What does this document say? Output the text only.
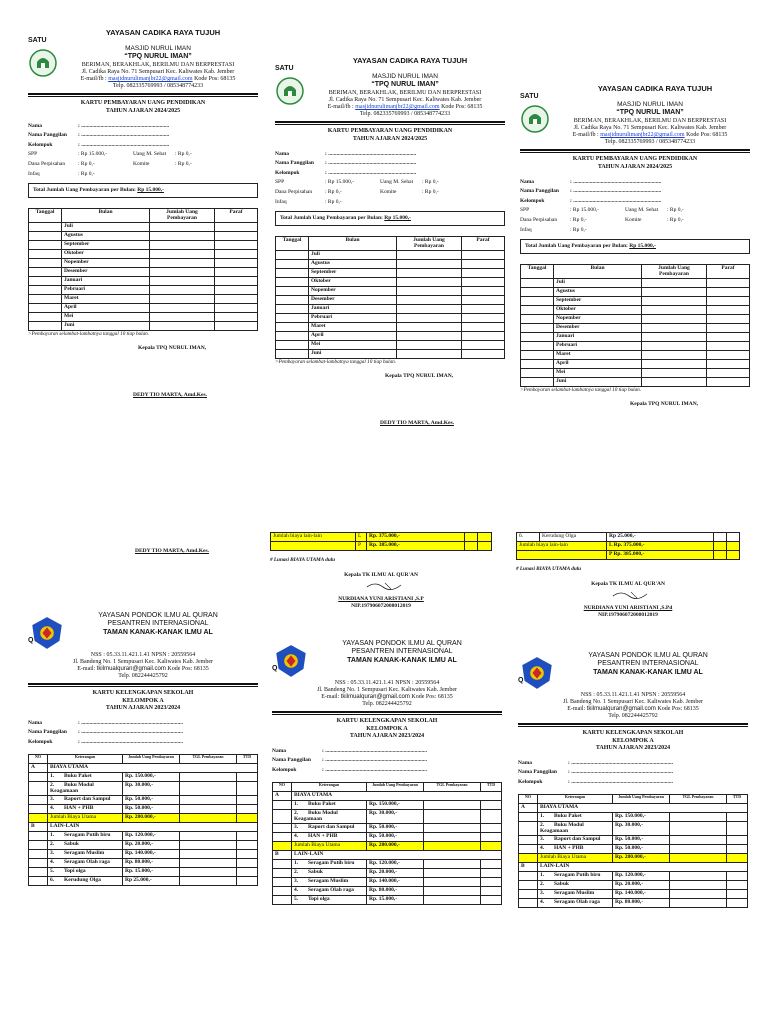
YAYASAN CADIKA RAYA TUJUH
SATU
MASJID NURUL IMAN
“TPQ NURUL IMAN”
BERIMAN, BERAKHLAK, BERILMU DAN BERPRESTASI
Jl. Cadika Raya No. 71 Sempusari Kec. Kaliwates Kab. Jember
E-mail/fb : masjidnurulimanjbr22@gmail.com Kode Pos: 68135
Telp. 082335769993 / 085348774233
KARTU PEMBAYARAN UANG PENDIDIKAN
TAHUN AJARAN 2024/2025
Nama	: ................................................................
Nama Panggilan	: ................................................................
Kelompok	: ................................................................
SPP	: Rp 15.000,-	Uang M. Sehat	: Rp 0,-
Dana Perpisahan	: Rp 0,-	Komite	: Rp 0,-
Infaq	: Rp 0,-
Total Jumlah Uang Pembayaran per Bulan: Rp 15.000,-
Tanggal	Bulan	Jumlah Uang Pembayaran	Paraf
	Juli		
	Agustus		
	September		
	Oktober		
	Nopember		
	Desember		
	Januari		
	Pebruari		
	Maret		
	April		
	Mei		
	Juni		
>Pembayaran selambat-lambatnya tanggal 10 tiap bulan.
Kepala TPQ NURUL IMAN,
DEDY TIO MARTA, Amd.Kes.
YAYASAN CADIKA RAYA TUJUH
SATU
MASJID NURUL IMAN
“TPQ NURUL IMAN”
BERIMAN, BERAKHLAK, BERILMU DAN BERPRESTASI
Jl. Cadika Raya No. 71 Sempusari Kec. Kaliwates Kab. Jember
E-mail/fb : masjidnurulimanjbr22@gmail.com Kode Pos: 68135
Telp. 082335769993 / 085348774233
KARTU PEMBAYARAN UANG PENDIDIKAN
TAHUN AJARAN 2024/2025
Nama	: ................................................................
Nama Panggilan	: ................................................................
Kelompok	: ................................................................
SPP	: Rp 15.000,-	Uang M. Sehat	: Rp 0,-
Dana Perpisahan	: Rp 0,-	Komite	: Rp 0,-
Infaq	: Rp 0,-
Total Jumlah Uang Pembayaran per Bulan: Rp 15.000,-
Tanggal	Bulan	Jumlah Uang Pembayaran	Paraf
	Juli		
	Agustus		
	September		
	Oktober		
	Nopember		
	Desember		
	Januari		
	Pebruari		
	Maret		
	April		
	Mei		
	Juni		
>Pembayaran selambat-lambatnya tanggal 10 tiap bulan.
Kepala TPQ NURUL IMAN,
DEDY TIO MARTA, Amd.Kes.
YAYASAN CADIKA RAYA TUJUH
SATU
MASJID NURUL IMAN
“TPQ NURUL IMAN”
BERIMAN, BERAKHLAK, BERILMU DAN BERPRESTASI
Jl. Cadika Raya No. 71 Sempusari Kec. Kaliwates Kab. Jember
E-mail/fb : masjidnurulimanjbr22@gmail.com Kode Pos: 68135
Telp. 082335769993 / 085348774233
KARTU PEMBAYARAN UANG PENDIDIKAN
TAHUN AJARAN 2024/2025
Nama	: ................................................................
Nama Panggilan	: ................................................................
Kelompok	: ................................................................
SPP	: Rp 15.000,-	Uang M. Sehat	: Rp 0,-
Dana Perpisahan	: Rp 0,-	Komite	: Rp 0,-
Infaq	: Rp 0,-
Total Jumlah Uang Pembayaran per Bulan: Rp 15.000,-
Tanggal	Bulan	Jumlah Uang Pembayaran	Paraf
	Juli		
	Agustus		
	September		
	Oktober		
	Nopember		
	Desember		
	Januari		
	Pebruari		
	Maret		
	April		
	Mei		
	Juni		
>Pembayaran selambat-lambatnya tanggal 10 tiap bulan.
Kepala TPQ NURUL IMAN,
DEDY TIO MARTA, Amd.Kes.
Jumlah biaya lain-lain	L	Rp. 375.000,-		
	P	Rp. 385.000,-		
# Lunasi BIAYA UTAMA dulu
Kepala TK ILMU AL QUR'AN
NURDIANA YUNI ARISTIANI ,S.P
NIP.197906072008012019
6.	Kerudung Olga	Rp 25.000,-		
Jumlah biaya lain-lain		L Rp. 375.000,-		
		P Rp. 385.000,-		
# Lunasi BIAYA UTAMA dulu
Kepala TK ILMU AL QUR'AN
NURDIANA YUNI ARISTIANI ,S.Pd
NIP.197906072008012019
YAYASAN PONDOK ILMU AL QURAN
PESANTREN INTERNASIONAL
TAMAN KANAK-KANAK ILMU AL
Q
NSS : 05.33.11.421.1.41 NPSN : 20559564
Jl. Bandeng No. 1 Sempusari Kec. Kaliwates Kab. Jember
E-mail: tkilmualquran@gmail.com Kode Pos: 68135
Telp. 082244425792
KARTU KELENGKAPAN SEKOLAH
KELOMPOK A
TAHUN AJARAN 2023/2024
Nama	: ..........................................................................
Nama Panggilan	: ..........................................................................
Kelompok	: ..........................................................................
NO	Keterangan	Jumlah Uang Pembayaran	TGL Pembayaran	TTD
A	BIAYA UTAMA			
	1. Buku Paket	Rp. 150.000,-		
	2. Buku Modul Keagamaan	Rp. 30.000,-		
	3. Raport dan Sampul	Rp. 50.000,-		
	4. HAN + PHB	Rp. 50.000,-		
	Jumlah Biaya Utama	Rp. 280.000,-		
B	LAIN-LAIN			
	1. Seragam Putih biru	Rp. 120.000,-		
	2. Sabuk	Rp. 20.000,-		
	3. Seragam Muslim	Rp. 140.000,-		
	4. Seragam Olah raga	Rp. 80.000,-		
	5. Topi olga	Rp. 15.000,-		
	6. Kerudung Olga	Rp 25.000,-		
YAYASAN PONDOK ILMU AL QURAN
PESANTREN INTERNASIONAL
TAMAN KANAK-KANAK ILMU AL
Q
NSS : 05.33.11.421.1.41 NPSN : 20559564
Jl. Bandeng No. 1 Sempusari Kec. Kaliwates Kab. Jember
E-mail: tkilmualquran@gmail.com Kode Pos: 68135
Telp. 082244425792
KARTU KELENGKAPAN SEKOLAH
KELOMPOK A
TAHUN AJARAN 2023/2024
Nama	: ..........................................................................
Nama Panggilan	: ..........................................................................
Kelompok	: ..........................................................................
NO	Keterangan	Jumlah Uang Pembayaran	TGL Pembayaran	TTD
A	BIAYA UTAMA			
	1. Buku Paket	Rp. 150.000,-		
	2. Buku Modul Keagamaan	Rp. 30.000,-		
	3. Raport dan Sampul	Rp. 50.000,-		
	4. HAN + PHB	Rp. 50.000,-		
	Jumlah Biaya Utama	Rp. 280.000,-		
B	LAIN-LAIN			
	1. Seragam Putih biru	Rp. 120.000,-		
	2. Sabuk	Rp. 20.000,-		
	3. Seragam Muslim	Rp. 140.000,-		
	4. Seragam Olah raga	Rp. 80.000,-		
	5. Topi olga	Rp. 15.000,-		
YAYASAN PONDOK ILMU AL QURAN
PESANTREN INTERNASIONAL
TAMAN KANAK-KANAK ILMU AL
Q
NSS : 05.33.11.421.1.41 NPSN : 20559564
Jl. Bandeng No. 1 Sempusari Kec. Kaliwates Kab. Jember
E-mail: tkilmualquran@gmail.com Kode Pos: 68135
Telp. 082244425792
KARTU KELENGKAPAN SEKOLAH
KELOMPOK A
TAHUN AJARAN 2023/2024
Nama	: ..........................................................................
Nama Panggilan	: ..........................................................................
Kelompok	: ..........................................................................
NO	Keterangan	Jumlah Uang Pembayaran	TGL Pembayaran	TTD
A	BIAYA UTAMA			
	1. Buku Paket	Rp. 150.000,-		
	2. Buku Modul Keagamaan	Rp. 30.000,-		
	3. Raport dan Sampul	Rp. 50.000,-		
	4. HAN + PHB	Rp. 50.000,-		
	Jumlah Biaya Utama	Rp. 280.000,-		
B	LAIN-LAIN			
	1. Seragam Putih biru	Rp. 120.000,-		
	2. Sabuk	Rp. 20.000,-		
	3. Seragam Muslim	Rp. 140.000,-		
	4. Seragam Olah raga	Rp. 80.000,-		
